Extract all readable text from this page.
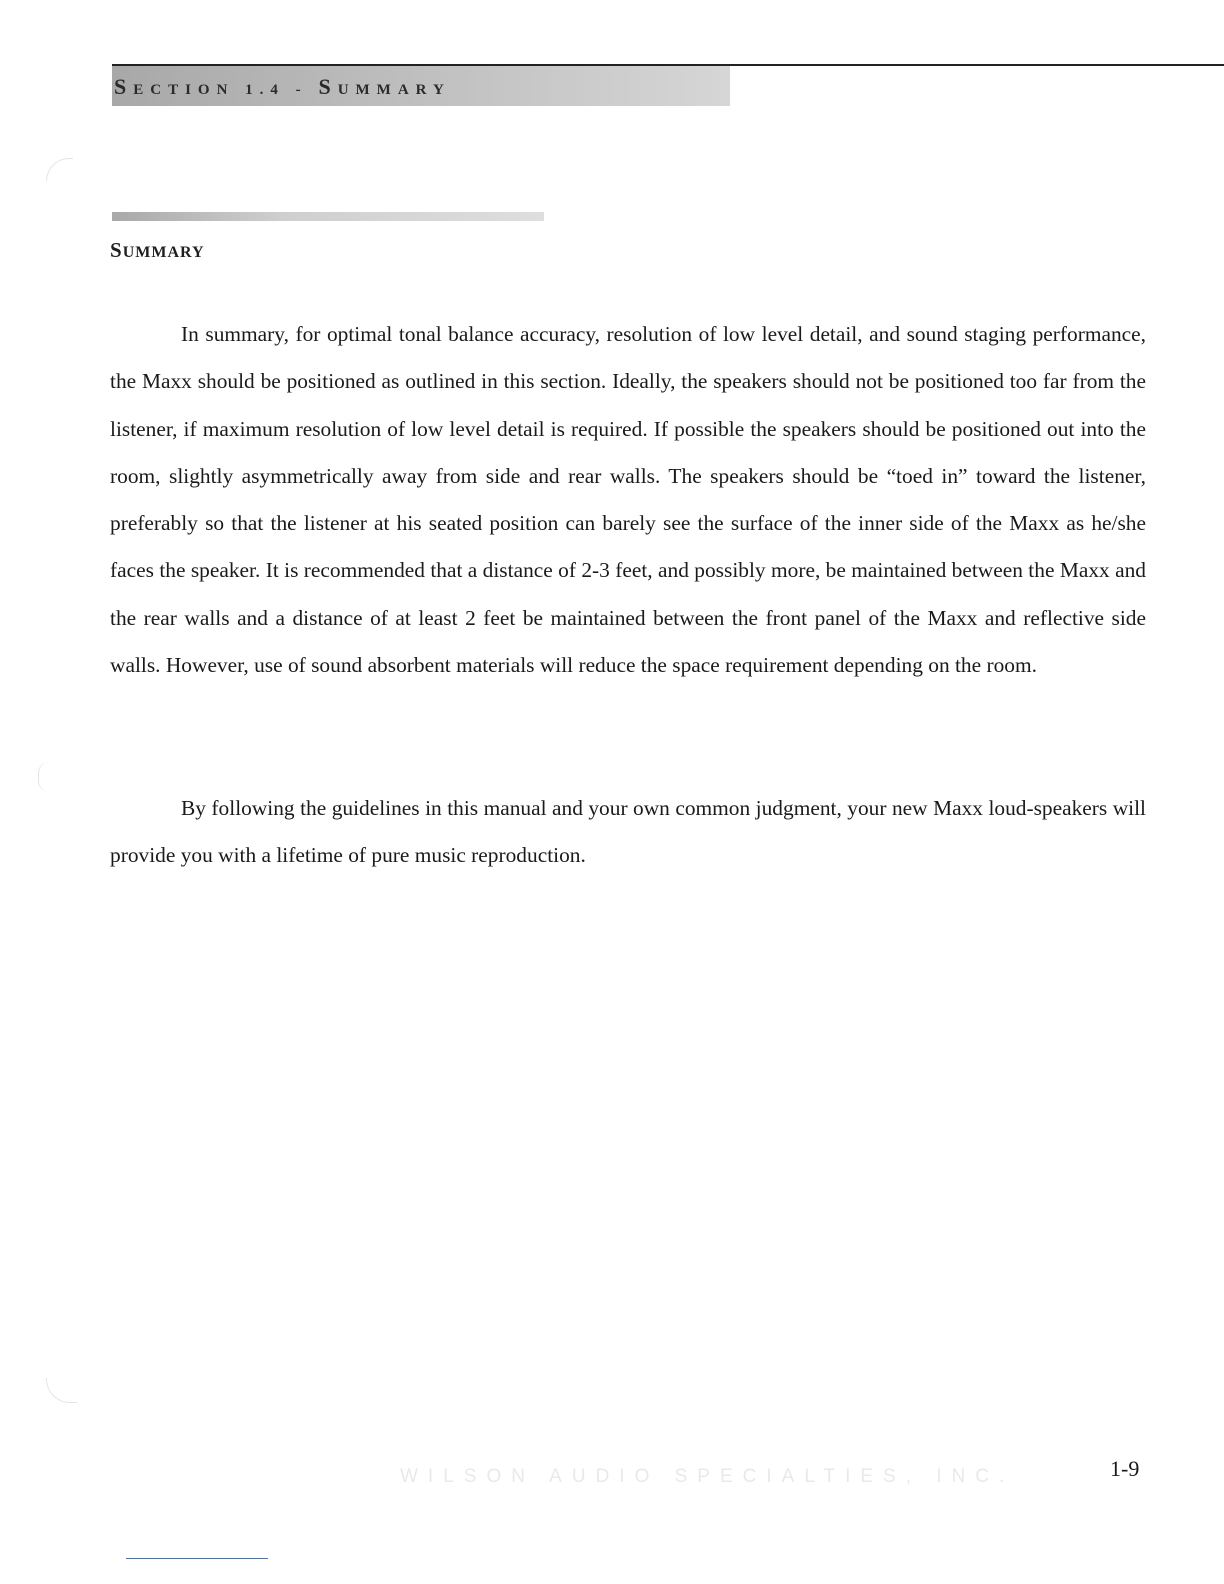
SECTION 1.4 - SUMMARY
SUMMARY

In summary, for optimal tonal balance accuracy, resolution of low level detail, and sound staging performance, the Maxx should be positioned as outlined in this section. Ideally, the speakers should not be positioned too far from the listener, if maximum resolution of low level detail is required. If possible the speakers should be positioned out into the room, slightly asymmetrically away from side and rear walls. The speakers should be “toed in” toward the listener, preferably so that the listener at his seated position can barely see the surface of the inner side of the Maxx as he/she faces the speaker. It is recommended that a distance of 2-3 feet, and possibly more, be maintained between the Maxx and the rear walls and a distance of at least 2 feet be maintained between the front panel of the Maxx and reflective side walls. However, use of sound absorbent materials will reduce the space requirement depending on the room.

By following the guidelines in this manual and your own common judgment, your new Maxx loud-speakers will provide you with a lifetime of pure music reproduction.

WILSON AUDIO SPECIALTIES, INC.	1-9
